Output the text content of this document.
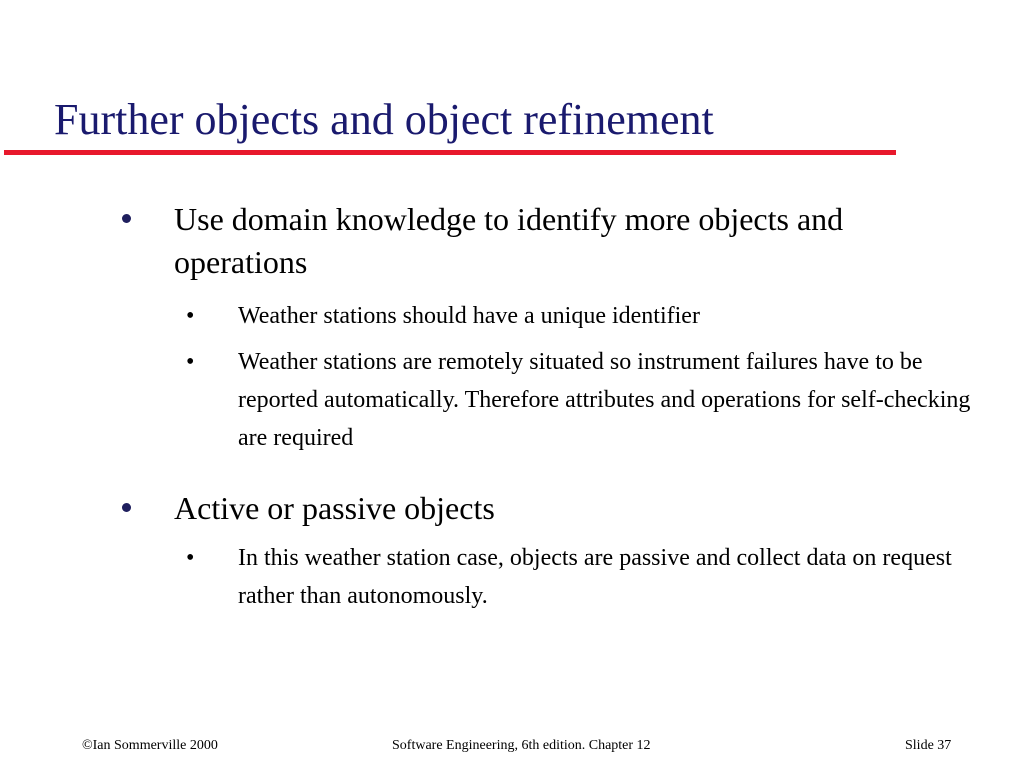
Further objects and object refinement
Use domain knowledge to identify more objects and operations
• Weather stations should have a unique identifier
• Weather stations are remotely situated so instrument failures have to be reported automatically. Therefore attributes and operations for self-checking are required
Active or passive objects
• In this weather station case, objects are passive and collect data on request rather than autonomously.
©Ian Sommerville 2000	Software Engineering, 6th edition. Chapter 12	Slide 37
